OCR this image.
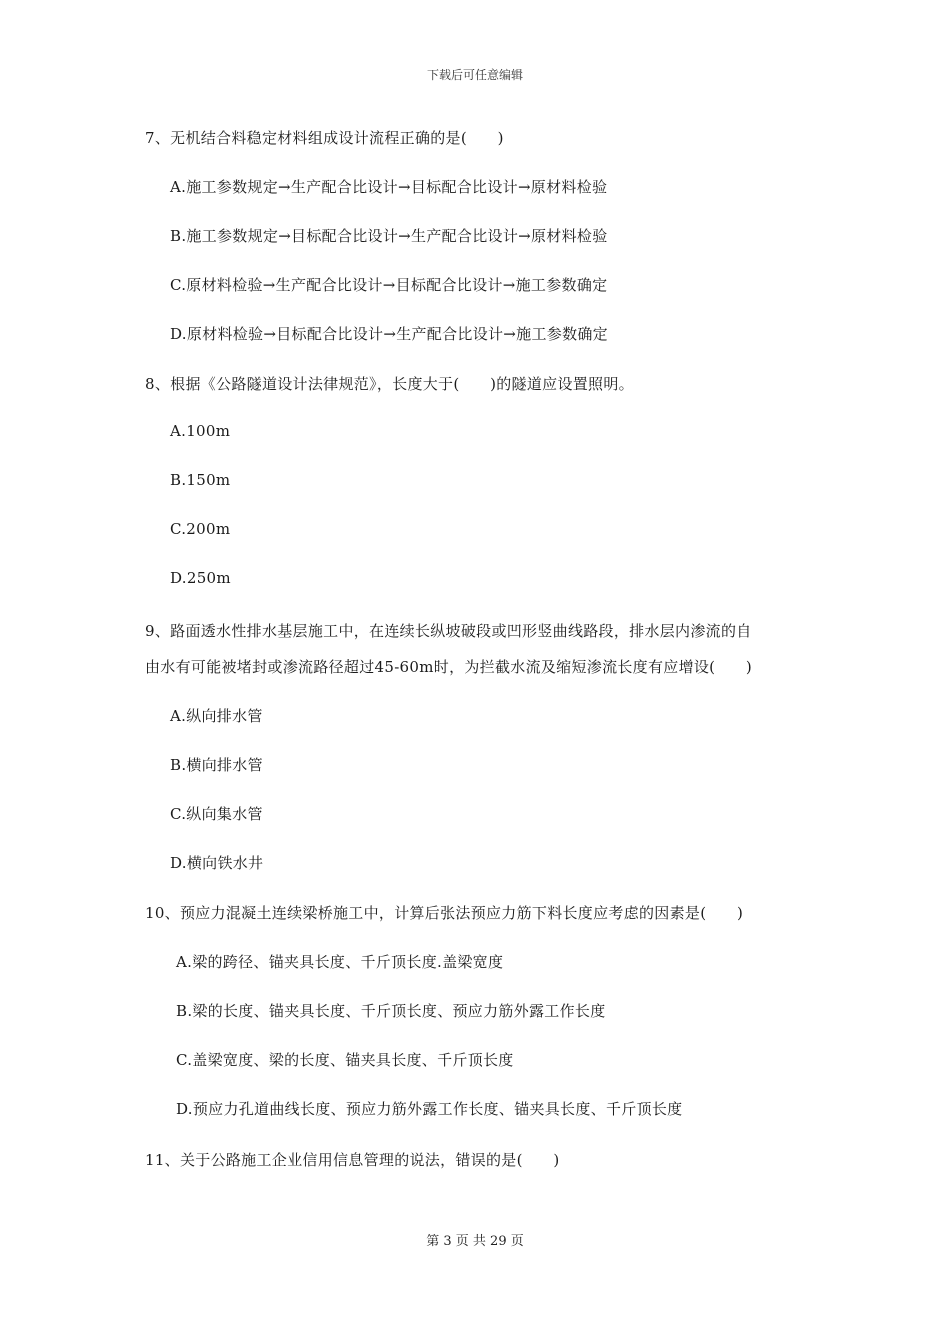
下载后可任意编辑
7、无机结合料稳定材料组成设计流程正确的是(　　)
A.施工参数规定→生产配合比设计→目标配合比设计→原材料检验
B.施工参数规定→目标配合比设计→生产配合比设计→原材料检验
C.原材料检验→生产配合比设计→目标配合比设计→施工参数确定
D.原材料检验→目标配合比设计→生产配合比设计→施工参数确定
8、根据《公路隧道设计法律规范》，长度大于(　　)的隧道应设置照明。
A.100m
B.150m
C.200m
D.250m
9、路面透水性排水基层施工中，在连续长纵坡破段或凹形竖曲线路段，排水层内渗流的自
由水有可能被堵封或渗流路径超过45-60m时，为拦截水流及缩短渗流长度有应增设(　　)
A.纵向排水管
B.横向排水管
C.纵向集水管
D.横向铁水井
10、预应力混凝土连续梁桥施工中，计算后张法预应力筋下料长度应考虑的因素是(　　)
A.梁的跨径、锚夹具长度、千斤顶长度.盖梁宽度
B.梁的长度、锚夹具长度、千斤顶长度、预应力筋外露工作长度
C.盖梁宽度、梁的长度、锚夹具长度、千斤顶长度
D.预应力孔道曲线长度、预应力筋外露工作长度、锚夹具长度、千斤顶长度
11、关于公路施工企业信用信息管理的说法，错误的是(　　)
第 3 页 共 29 页
